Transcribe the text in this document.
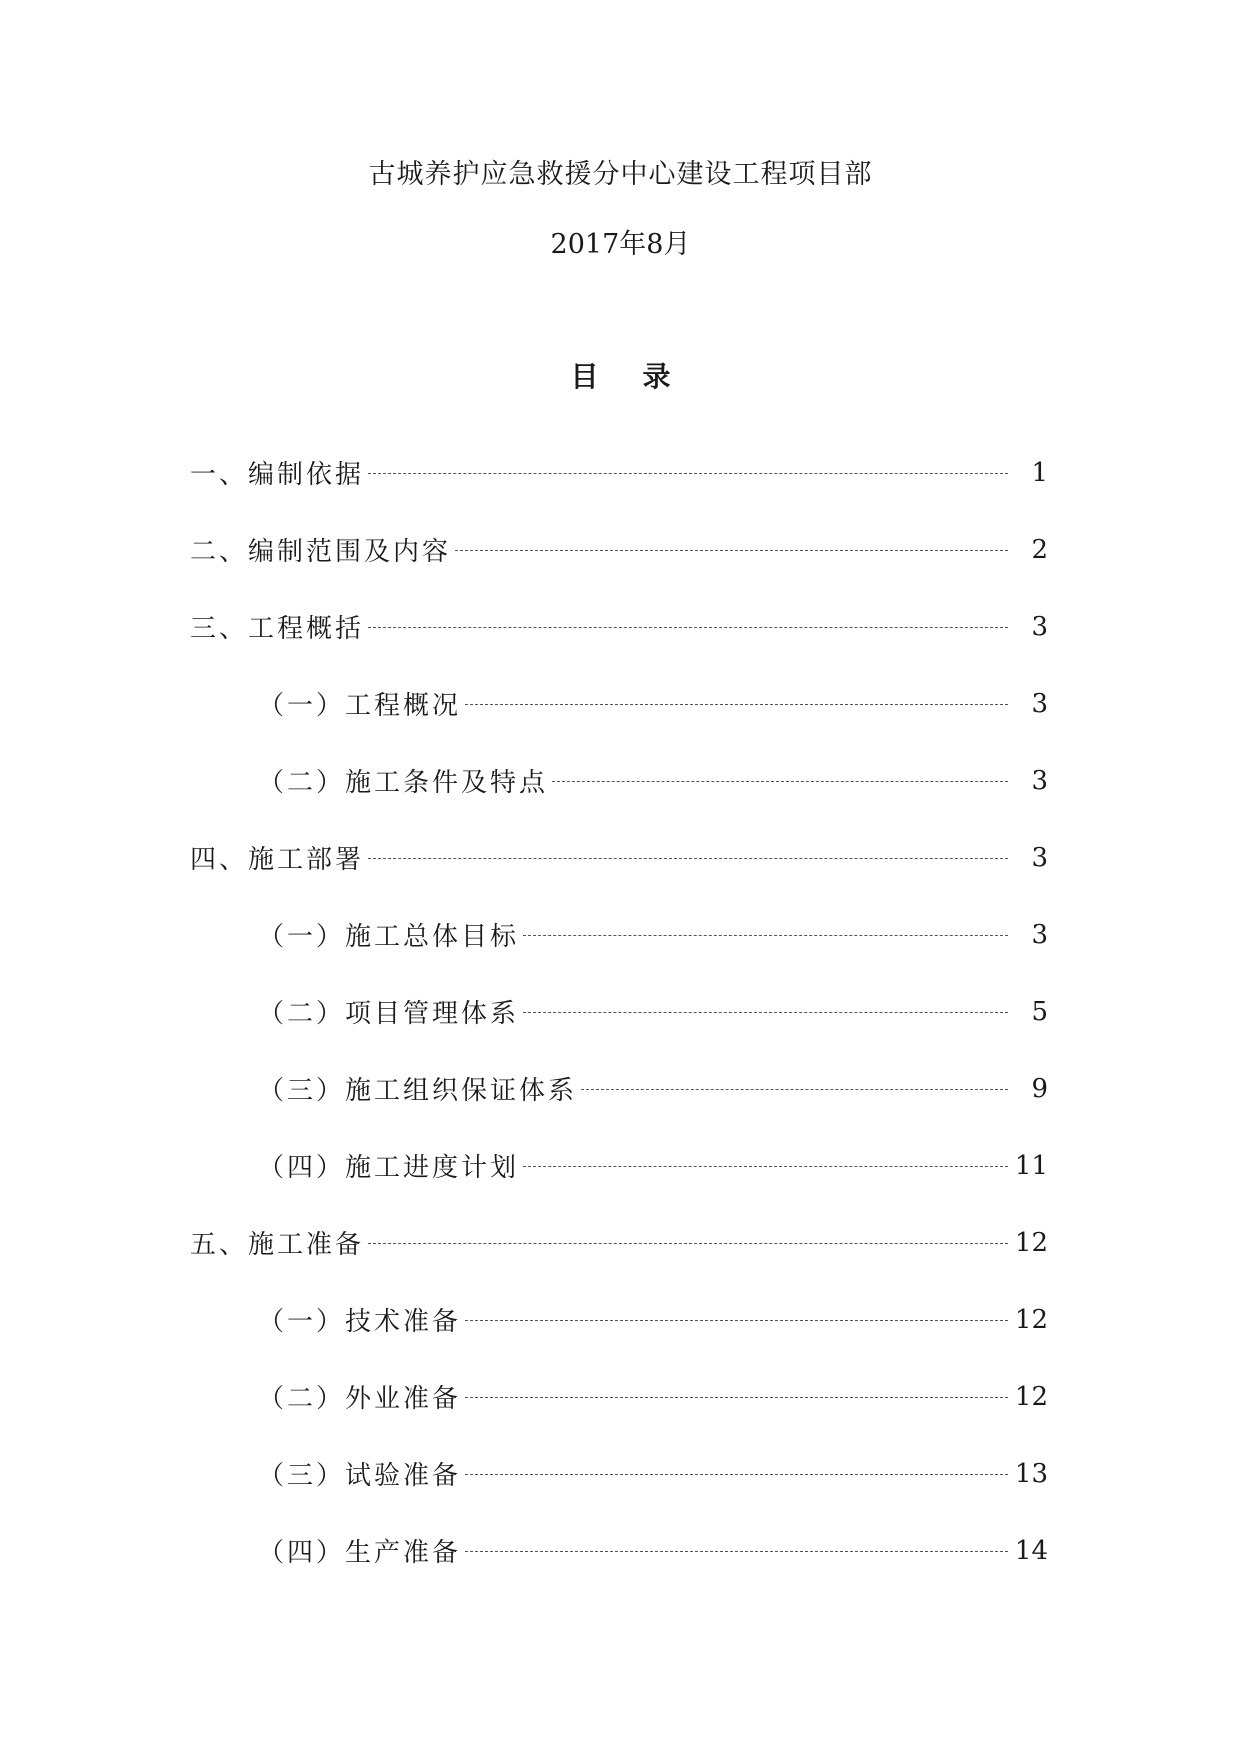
古城养护应急救援分中心建设工程项目部
2017年8月
目录
一、编制依据	1
二、编制范围及内容	2
三、工程概括	3
（一）工程概况	3
（二）施工条件及特点	3
四、施工部署	3
（一）施工总体目标	3
（二）项目管理体系	5
（三）施工组织保证体系	9
（四）施工进度计划	11
五、施工准备	12
（一）技术准备	12
（二）外业准备	12
（三）试验准备	13
（四）生产准备	14
